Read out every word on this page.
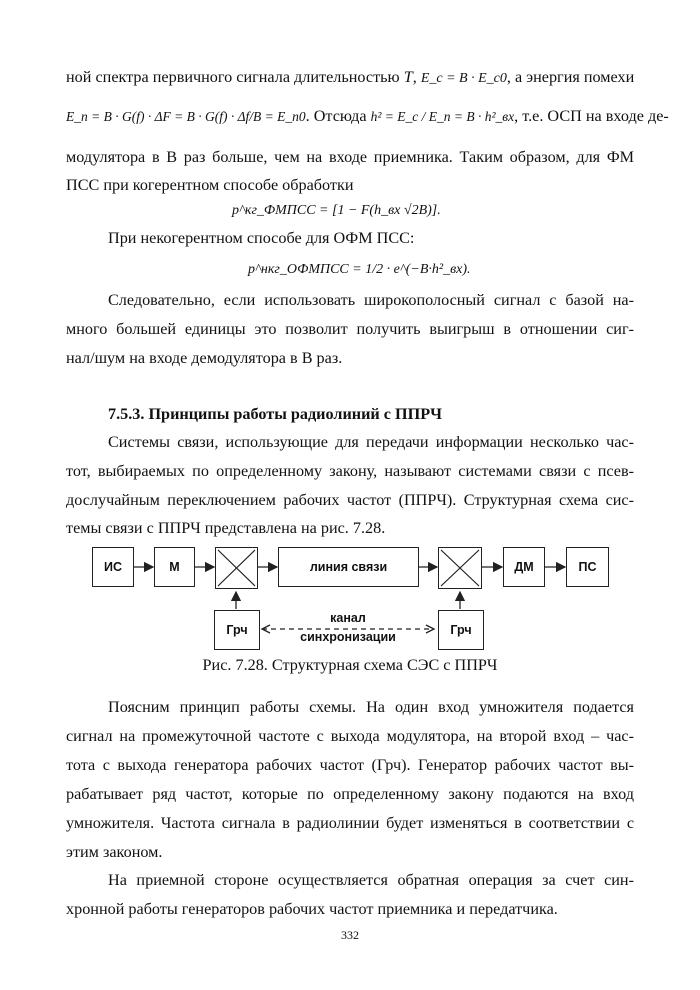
ной спектра первичного сигнала длительностью T, E_c = B · E_c0, а энергия помехи
E_п = B · G(f) · ΔF = B · G(f) · Δf/B = E_п0. Отсюда h² = E_c / E_п = B · h²_вх, т.е. ОСП на входе де-
модулятора в B раз больше, чем на входе приемника. Таким образом, для ФМ
ПСС при когерентном способе обработки
p^кг_ФМПСС = [1 − F(h_вх √2B)].
При некогерентном способе для ОФМ ПСС:
p^нкг_ОФМПСС = 1/2 · e^(−B·h²_вх).
Следовательно, если использовать широкополосный сигнал с базой на-
много большей единицы это позволит получить выигрыш в отношении сиг-
нал/шум на входе демодулятора в B раз.
7.5.3. Принципы работы радиолиний с ППРЧ
Системы связи, использующие для передачи информации несколько час-
тот, выбираемых по определенному закону, называют системами связи с псев-
дослучайным переключением рабочих частот (ППРЧ). Структурная схема сис-
темы связи с ППРЧ представлена на рис. 7.28.
ИС	М	линия связи	ДМ	ПС
Грч	Грч
канал
синхронизации
Рис. 7.28. Структурная схема СЭС с ППРЧ
Поясним принцип работы схемы. На один вход умножителя подается
сигнал на промежуточной частоте с выхода модулятора, на второй вход – час-
тота с выхода генератора рабочих частот (Грч). Генератор рабочих частот вы-
рабатывает ряд частот, которые по определенному закону подаются на вход
умножителя. Частота сигнала в радиолинии будет изменяться в соответствии с
этим законом.
На приемной стороне осуществляется обратная операция за счет син-
хронной работы генераторов рабочих частот приемника и передатчика.
332
